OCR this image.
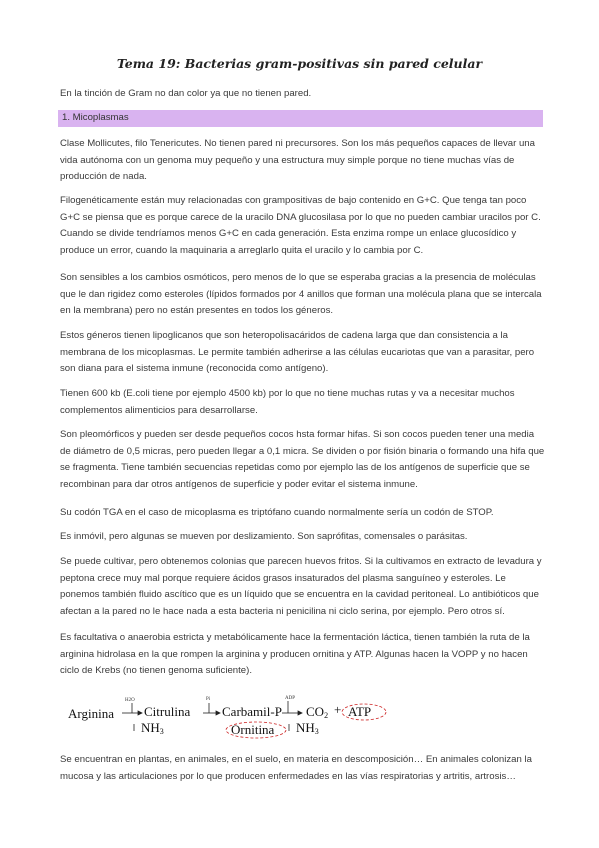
Tema 19: Bacterias gram-positivas sin pared celular

En la tinción de Gram no dan color ya que no tienen pared.

1. Micoplasmas

Clase Mollicutes, filo Tenericutes. No tienen pared ni precursores. Son los más pequeños capaces de llevar una vida autónoma con un genoma muy pequeño y una estructura muy simple porque no tiene muchas vías de producción de nada.

Filogenéticamente están muy relacionadas con grampositivas de bajo contenido en G+C. Que tenga tan poco G+C se piensa que es porque carece de la uracilo DNA glucosilasa por lo que no pueden cambiar uracilos por C. Cuando se divide tendríamos menos G+C en cada generación. Esta enzima rompe un enlace glucosídico y produce un error, cuando la maquinaria a arreglarlo quita el uracilo y lo cambia por C.

Son sensibles a los cambios osmóticos, pero menos de lo que se esperaba gracias a la presencia de moléculas que le dan rigidez como esteroles (lípidos formados por 4 anillos que forman una molécula plana que se intercala en la membrana) pero no están presentes en todos los géneros.

Estos géneros tienen lipoglicanos que son heteropolisacáridos de cadena larga que dan consistencia a la membrana de los micoplasmas. Le permite también adherirse a las células eucariotas que van a parasitar, pero son diana para el sistema inmune (reconocida como antígeno).

Tienen 600 kb (E.coli tiene por ejemplo 4500 kb) por lo que no tiene muchas rutas y va a necesitar muchos complementos alimenticios para desarrollarse.

Son pleomórficos y pueden ser desde pequeños cocos hsta formar hifas. Si son cocos pueden tener una media de diámetro de 0,5 micras, pero pueden llegar a 0,1 micra. Se dividen o por fisión binaria o formando una hifa que se fragmenta. Tiene también secuencias repetidas como por ejemplo las de los antígenos de superficie que se recombinan para dar otros antígenos de superficie y poder evitar el sistema inmune.

Su codón TGA en el caso de micoplasma es triptófano cuando normalmente sería un codón de STOP.

Es inmóvil, pero algunas se mueven por deslizamiento. Son saprófitas, comensales o parásitas.

Se puede cultivar, pero obtenemos colonias que parecen huevos fritos. Si la cultivamos en extracto de levadura y peptona crece muy mal porque requiere ácidos grasos insaturados del plasma sanguíneo y esteroles. Le ponemos también fluido ascítico que es un líquido que se encuentra en la cavidad peritoneal. Lo antibióticos que afectan a la pared no le hace nada a esta bacteria ni penicilina ni ciclo serina, por ejemplo. Pero otros sí.

Es facultativa o anaerobia estricta y metabólicamente hace la fermentación láctica, tienen también la ruta de la arginina hidrolasa en la que rompen la arginina y producen ornitina y ATP. Algunas hacen la VOPP y no hacen ciclo de Krebs (no tienen genoma suficiente).

H2O
Arginina Citrulina
Pi
Carbamil-P
ADP
$CO_2$ + ATP
$NH_3$	Ornitina $NH_3$

Se encuentran en plantas, en animales, en el suelo, en materia en descomposición… En animales colonizan la mucosa y las articulaciones por lo que producen enfermedades en las vías respiratorias y artritis, artrosis…
